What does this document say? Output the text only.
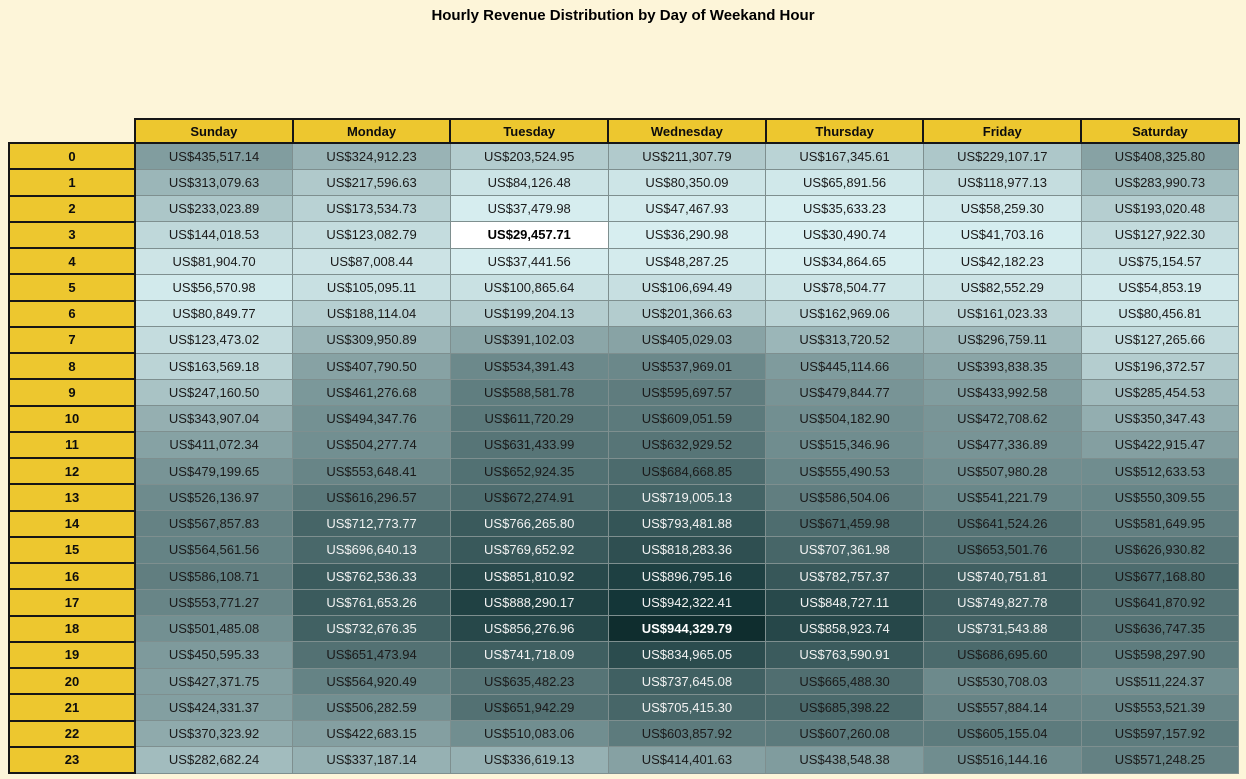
Hourly Revenue Distribution by Day of Weekand Hour
	Sunday	Monday	Tuesday	Wednesday	Thursday	Friday	Saturday
0	US$435,517.14	US$324,912.23	US$203,524.95	US$211,307.79	US$167,345.61	US$229,107.17	US$408,325.80
1	US$313,079.63	US$217,596.63	US$84,126.48	US$80,350.09	US$65,891.56	US$118,977.13	US$283,990.73
2	US$233,023.89	US$173,534.73	US$37,479.98	US$47,467.93	US$35,633.23	US$58,259.30	US$193,020.48
3	US$144,018.53	US$123,082.79	US$29,457.71	US$36,290.98	US$30,490.74	US$41,703.16	US$127,922.30
4	US$81,904.70	US$87,008.44	US$37,441.56	US$48,287.25	US$34,864.65	US$42,182.23	US$75,154.57
5	US$56,570.98	US$105,095.11	US$100,865.64	US$106,694.49	US$78,504.77	US$82,552.29	US$54,853.19
6	US$80,849.77	US$188,114.04	US$199,204.13	US$201,366.63	US$162,969.06	US$161,023.33	US$80,456.81
7	US$123,473.02	US$309,950.89	US$391,102.03	US$405,029.03	US$313,720.52	US$296,759.11	US$127,265.66
8	US$163,569.18	US$407,790.50	US$534,391.43	US$537,969.01	US$445,114.66	US$393,838.35	US$196,372.57
9	US$247,160.50	US$461,276.68	US$588,581.78	US$595,697.57	US$479,844.77	US$433,992.58	US$285,454.53
10	US$343,907.04	US$494,347.76	US$611,720.29	US$609,051.59	US$504,182.90	US$472,708.62	US$350,347.43
11	US$411,072.34	US$504,277.74	US$631,433.99	US$632,929.52	US$515,346.96	US$477,336.89	US$422,915.47
12	US$479,199.65	US$553,648.41	US$652,924.35	US$684,668.85	US$555,490.53	US$507,980.28	US$512,633.53
13	US$526,136.97	US$616,296.57	US$672,274.91	US$719,005.13	US$586,504.06	US$541,221.79	US$550,309.55
14	US$567,857.83	US$712,773.77	US$766,265.80	US$793,481.88	US$671,459.98	US$641,524.26	US$581,649.95
15	US$564,561.56	US$696,640.13	US$769,652.92	US$818,283.36	US$707,361.98	US$653,501.76	US$626,930.82
16	US$586,108.71	US$762,536.33	US$851,810.92	US$896,795.16	US$782,757.37	US$740,751.81	US$677,168.80
17	US$553,771.27	US$761,653.26	US$888,290.17	US$942,322.41	US$848,727.11	US$749,827.78	US$641,870.92
18	US$501,485.08	US$732,676.35	US$856,276.96	US$944,329.79	US$858,923.74	US$731,543.88	US$636,747.35
19	US$450,595.33	US$651,473.94	US$741,718.09	US$834,965.05	US$763,590.91	US$686,695.60	US$598,297.90
20	US$427,371.75	US$564,920.49	US$635,482.23	US$737,645.08	US$665,488.30	US$530,708.03	US$511,224.37
21	US$424,331.37	US$506,282.59	US$651,942.29	US$705,415.30	US$685,398.22	US$557,884.14	US$553,521.39
22	US$370,323.92	US$422,683.15	US$510,083.06	US$603,857.92	US$607,260.08	US$605,155.04	US$597,157.92
23	US$282,682.24	US$337,187.14	US$336,619.13	US$414,401.63	US$438,548.38	US$516,144.16	US$571,248.25
